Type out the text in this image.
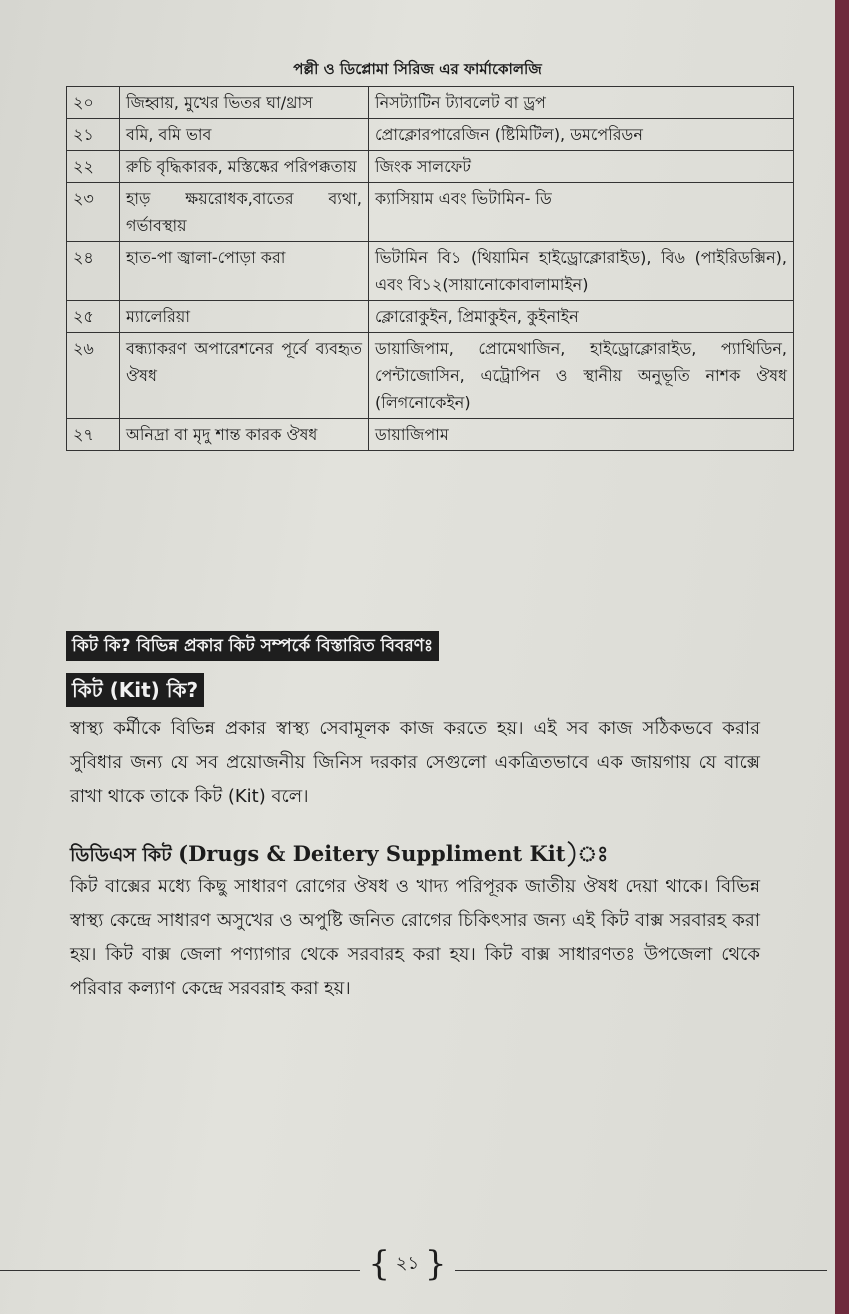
পল্লী ও ডিপ্লোমা সিরিজ এর ফার্মাকোলজি
২০	জিহ্বায়, মুখের ভিতর ঘা/থ্রাস	নিসট্যাটিন ট্যাবলেট বা ড্রপ
২১	বমি, বমি ভাব	প্রোক্লোরপারেজিন (ষ্টিমিটিল), ডমপেরিডন
২২	রুচি বৃদ্ধিকারক, মস্তিষ্কের পরিপক্কতায়	জিংক সালফেট
২৩	হাড় ক্ষয়রোধক,বাতের ব্যথা, গর্ভাবস্থায়	ক্যাসিয়াম এবং ভিটামিন- ডি
২৪	হাত-পা জ্বালা-পোড়া করা	ভিটামিন বি১ (থিয়ামিন হাইড্রোক্লোরাইড), বি৬ (পাইরিডক্সিন), এবং বি১২(সায়ানোকোবালামাইন)
২৫	ম্যালেরিয়া	ক্লোরোকুইন, প্রিমাকুইন, কুইনাইন
২৬	বন্ধ্যাকরণ অপারেশনের পূর্বে ব্যবহৃত ঔষধ	ডায়াজিপাম, প্রোমেথাজিন, হাইড্রোক্লোরাইড, প্যাথিডিন, পেন্টাজোসিন, এট্রোপিন ও স্থানীয় অনুভূতি নাশক ঔষধ (লিগনোকেইন)
২৭	অনিদ্রা বা মৃদু শান্ত কারক ঔষধ	ডায়াজিপাম
কিট কি? বিভিন্ন প্রকার কিট সম্পর্কে বিস্তারিত বিবরণঃ
কিট (Kit) কি?
স্বাস্থ্য কর্মীকে বিভিন্ন প্রকার স্বাস্থ্য সেবামূলক কাজ করতে হয়। এই সব কাজ সঠিকভবে করার সুবিধার জন্য যে সব প্রয়োজনীয় জিনিস দরকার সেগুলো একত্রিতভাবে এক জায়গায় যে বাক্সে রাখা থাকে তাকে কিট (Kit) বলে।
ডিডিএস কিট (Drugs & Deitery Suppliment Kit)ঃ
কিট বাক্সের মধ্যে কিছু সাধারণ রোগের ঔষধ ও খাদ্য পরিপূরক জাতীয় ঔষধ দেয়া থাকে। বিভিন্ন স্বাস্থ্য কেন্দ্রে সাধারণ অসুখের ও অপুষ্টি জনিত রোগের চিকিৎসার জন্য এই কিট বাক্স সরবারহ করা হয়। কিট বাক্স জেলা পণ্যাগার থেকে সরবারহ করা হয। কিট বাক্স সাধারণতঃ উপজেলা থেকে পরিবার কল্যাণ কেন্দ্রে সরবরাহ করা হয়।
{ ২১ }
